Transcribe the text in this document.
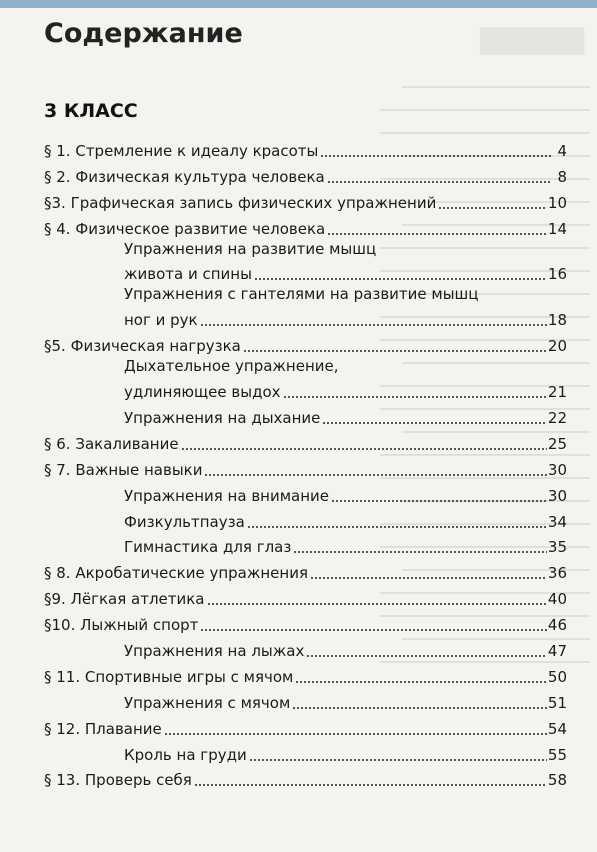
▇▇▇▇▇
Содержание
3 КЛАСС
§ 1. Стремление к идеалу красоты	4
§ 2. Физическая культура человека	8
§3. Графическая запись физических упражнений	10
§ 4. Физическое развитие человека	14
Упражнения на развитие мышц
живота и спины	16
Упражнения с гантелями на развитие мышц
ног и рук	18
§5. Физическая нагрузка	20
Дыхательное упражнение,
удлиняющее выдох	21
Упражнения на дыхание	22
§ 6. Закаливание	25
§ 7. Важные навыки	30
Упражнения на внимание	30
Физкультпауза	34
Гимнастика для глаз	35
§ 8. Акробатические упражнения	36
§9. Лёгкая атлетика	40
§10. Лыжный спорт	46
Упражнения на лыжах	47
§ 11. Спортивные игры с мячом	50
Упражнения с мячом	51
§ 12. Плавание	54
Кроль на груди	55
§ 13. Проверь себя	58
